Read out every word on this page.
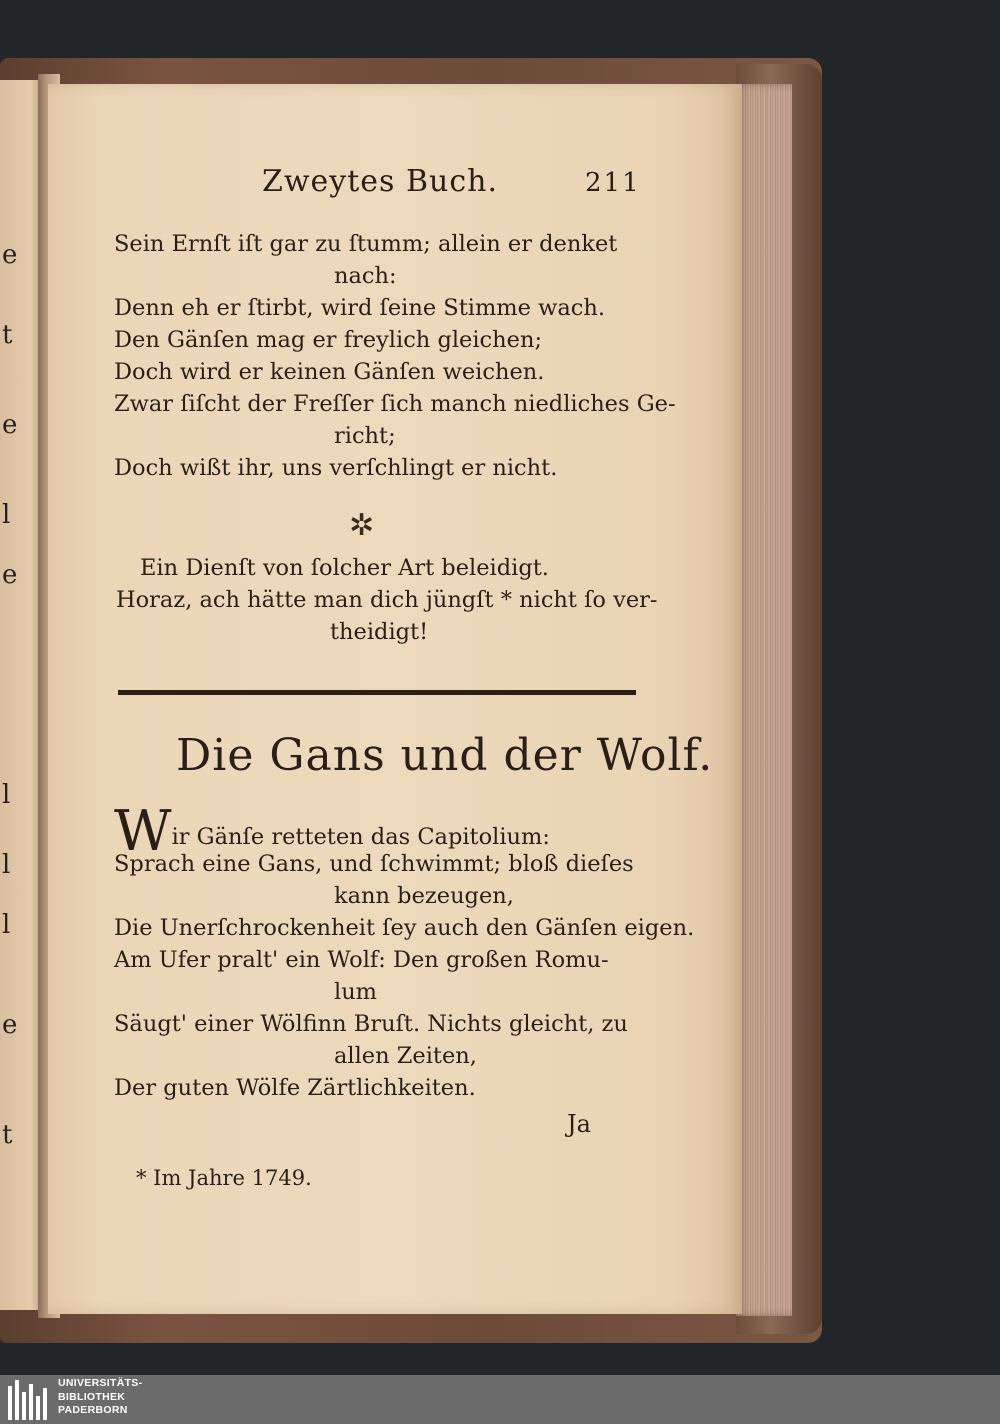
e
t
e
l
e
l
l
l
e
t
Zweytes Buch.	211
Sein Ernſt iſt gar zu ſtumm; allein er denket
nach:
Denn eh er ſtirbt, wird ſeine Stimme wach.
Den Gänſen mag er freylich gleichen;
Doch wird er keinen Gänſen weichen.
Zwar ſiſcht der Freſſer ſich manch niedliches Ge-
richt;
Doch wißt ihr, uns verſchlingt er nicht.
✲
Ein Dienſt von ſolcher Art beleidigt.
Horaz, ach hätte man dich jüngſt * nicht ſo ver-
theidigt!
Die Gans und der Wolf.
Wir Gänſe retteten das Capitolium:
Sprach eine Gans, und ſchwimmt; bloß dieſes
kann bezeugen,
Die Unerſchrockenheit ſey auch den Gänſen eigen.
Am Ufer pralt' ein Wolf: Den großen Romu-
lum
Säugt' einer Wölfinn Bruſt. Nichts gleicht, zu
allen Zeiten,
Der guten Wölfe Zärtlichkeiten.
Ja
* Im Jahre 1749.
UNIVERSITÄTS-
BIBLIOTHEK
PADERBORN
